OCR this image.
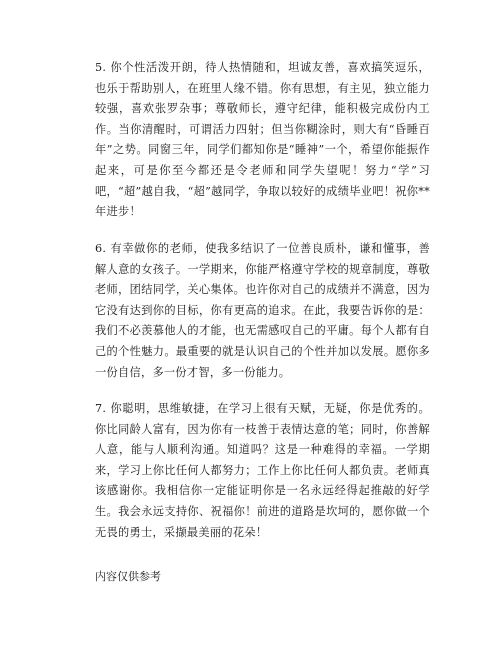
5. 你个性活泼开朗，待人热情随和，坦诚友善，喜欢搞笑逗乐，也乐于帮助别人，在班里人缘不错。你有思想，有主见，独立能力较强，喜欢张罗杂事；尊敬师长，遵守纪律，能积极完成份内工作。当你清醒时，可谓活力四射；但当你糊涂时，则大有“昏睡百年”之势。同窗三年，同学们都知你是“睡神”一个，希望你能振作起来，可是你至今都还是令老师和同学失望呢！努力“学”习吧，“超”越自我，“超”越同学，争取以较好的成绩毕业吧！祝你**年进步！

6. 有幸做你的老师，使我多结识了一位善良质朴，谦和懂事，善解人意的女孩子。一学期来，你能严格遵守学校的规章制度，尊敬老师，团结同学，关心集体。也许你对自己的成绩并不满意，因为它没有达到你的目标，你有更高的追求。在此，我要告诉你的是：我们不必羡慕他人的才能，也无需感叹自己的平庸。每个人都有自己的个性魅力。最重要的就是认识自己的个性并加以发展。愿你多一份自信，多一份才智，多一份能力。

7. 你聪明，思维敏捷，在学习上很有天赋，无疑，你是优秀的。你比同龄人富有，因为你有一枝善于表情达意的笔；同时，你善解人意，能与人顺利沟通。知道吗？这是一种难得的幸福。一学期来，学习上你比任何人都努力；工作上你比任何人都负责。老师真该感谢你。我相信你一定能证明你是一名永远经得起推敲的好学生。我会永远支持你、祝福你！前进的道路是坎坷的，愿你做一个无畏的勇士，采撷最美丽的花朵！

内容仅供参考
